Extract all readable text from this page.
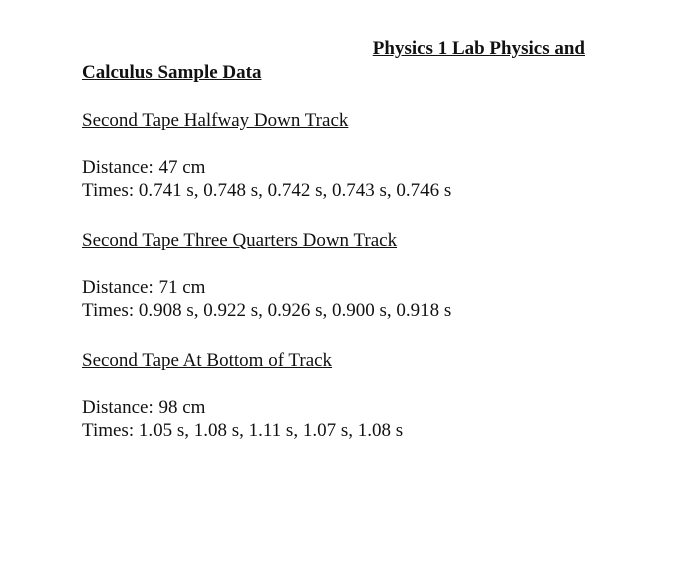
Physics 1 Lab Physics and
Calculus Sample Data
Second Tape Halfway Down Track
Distance: 47 cm
Times: 0.741 s, 0.748 s, 0.742 s, 0.743 s, 0.746 s
Second Tape Three Quarters Down Track
Distance: 71 cm
Times: 0.908 s, 0.922 s, 0.926 s, 0.900 s, 0.918 s
Second Tape At Bottom of Track
Distance: 98 cm
Times: 1.05 s, 1.08 s, 1.11 s, 1.07 s, 1.08 s
